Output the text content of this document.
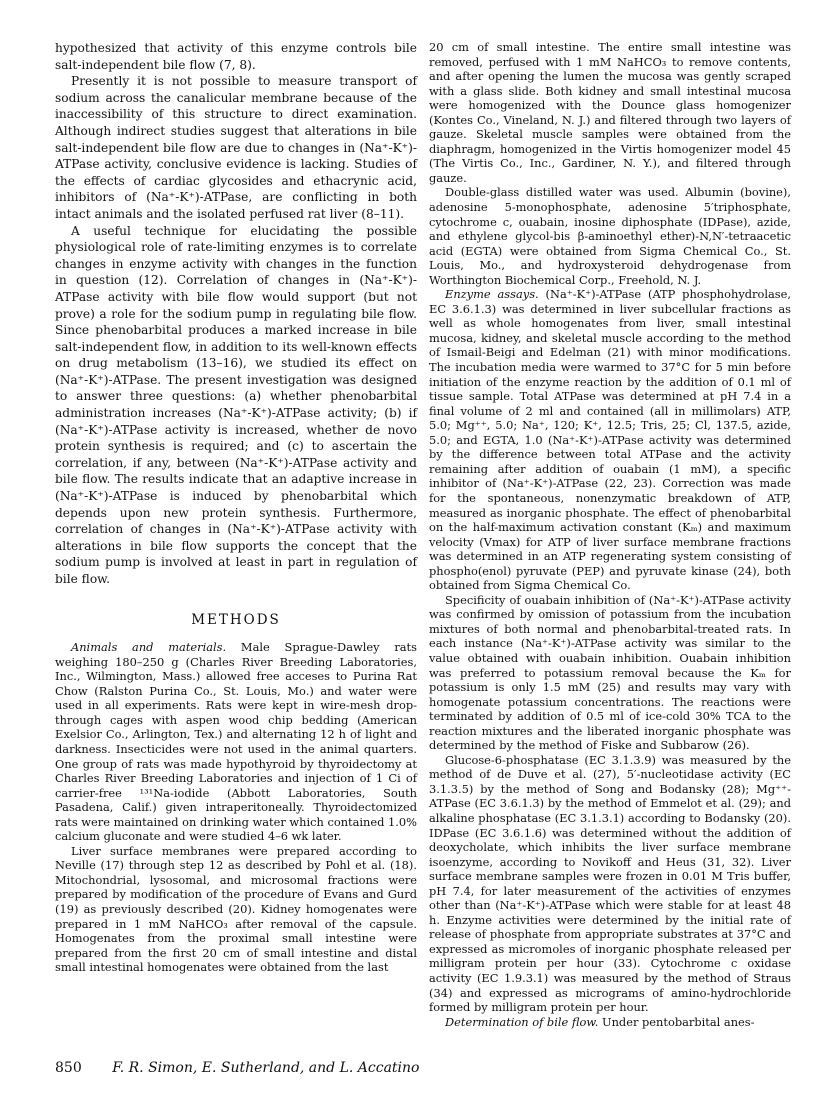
hypothesized that activity of this enzyme controls bile salt-independent bile flow (7, 8).

Presently it is not possible to measure transport of sodium across the canalicular membrane because of the inaccessibility of this structure to direct examination. Although indirect studies suggest that alterations in bile salt-independent bile flow are due to changes in (Na⁺-K⁺)-ATPase activity, conclusive evidence is lacking. Studies of the effects of cardiac glycosides and ethacrynic acid, inhibitors of (Na⁺-K⁺)-ATPase, are conflicting in both intact animals and the isolated perfused rat liver (8–11).

A useful technique for elucidating the possible physiological role of rate-limiting enzymes is to correlate changes in enzyme activity with changes in the function in question (12). Correlation of changes in (Na⁺-K⁺)-ATPase activity with bile flow would support (but not prove) a role for the sodium pump in regulating bile flow. Since phenobarbital produces a marked increase in bile salt-independent flow, in addition to its well-known effects on drug metabolism (13–16), we studied its effect on (Na⁺-K⁺)-ATPase. The present investigation was designed to answer three questions: (a) whether phenobarbital administration increases (Na⁺-K⁺)-ATPase activity; (b) if (Na⁺-K⁺)-ATPase activity is increased, whether de novo protein synthesis is required; and (c) to ascertain the correlation, if any, between (Na⁺-K⁺)-ATPase activity and bile flow. The results indicate that an adaptive increase in (Na⁺-K⁺)-ATPase is induced by phenobarbital which depends upon new protein synthesis. Furthermore, correlation of changes in (Na⁺-K⁺)-ATPase activity with alterations in bile flow supports the concept that the sodium pump is involved at least in part in regulation of bile flow.

METHODS

Animals and materials. Male Sprague-Dawley rats weighing 180–250 g (Charles River Breeding Laboratories, Inc., Wilmington, Mass.) allowed free acceses to Purina Rat Chow (Ralston Purina Co., St. Louis, Mo.) and water were used in all experiments. Rats were kept in wire-mesh drop-through cages with aspen wood chip bedding (American Exelsior Co., Arlington, Tex.) and alternating 12 h of light and darkness. Insecticides were not used in the animal quarters. One group of rats was made hypothyroid by thyroidectomy at Charles River Breeding Laboratories and injection of 1 Ci of carrier-free ¹³¹Na-iodide (Abbott Laboratories, South Pasadena, Calif.) given intraperitoneally. Thyroidectomized rats were maintained on drinking water which contained 1.0% calcium gluconate and were studied 4–6 wk later.

Liver surface membranes were prepared according to Neville (17) through step 12 as described by Pohl et al. (18). Mitochondrial, lysosomal, and microsomal fractions were prepared by modification of the procedure of Evans and Gurd (19) as previously described (20). Kidney homogenates were prepared in 1 mM NaHCO₃ after removal of the capsule. Homogenates from the proximal small intestine were prepared from the first 20 cm of small intestine and distal small intestinal homogenates were obtained from the last

20 cm of small intestine. The entire small intestine was removed, perfused with 1 mM NaHCO₃ to remove contents, and after opening the lumen the mucosa was gently scraped with a glass slide. Both kidney and small intestinal mucosa were homogenized with the Dounce glass homogenizer (Kontes Co., Vineland, N. J.) and filtered through two layers of gauze. Skeletal muscle samples were obtained from the diaphragm, homogenized in the Virtis homogenizer model 45 (The Virtis Co., Inc., Gardiner, N. Y.), and filtered through gauze.

Double-glass distilled water was used. Albumin (bovine), adenosine 5-monophosphate, adenosine 5′triphosphate, cytochrome c, ouabain, inosine diphosphate (IDPase), azide, and ethylene glycol-bis β-aminoethyl ether)-N,N′-tetraacetic acid (EGTA) were obtained from Sigma Chemical Co., St. Louis, Mo., and hydroxysteroid dehydrogenase from Worthington Biochemical Corp., Freehold, N. J.

Enzyme assays. (Na⁺-K⁺)-ATPase (ATP phosphohydrolase, EC 3.6.1.3) was determined in liver subcellular fractions as well as whole homogenates from liver, small intestinal mucosa, kidney, and skeletal muscle according to the method of Ismail-Beigi and Edelman (21) with minor modifications. The incubation media were warmed to 37°C for 5 min before initiation of the enzyme reaction by the addition of 0.1 ml of tissue sample. Total ATPase was determined at pH 7.4 in a final volume of 2 ml and contained (all in millimolars) ATP, 5.0; Mg⁺⁺, 5.0; Na⁺, 120; K⁺, 12.5; Tris, 25; Cl, 137.5, azide, 5.0; and EGTA, 1.0 (Na⁺-K⁺)-ATPase activity was determined by the difference between total ATPase and the activity remaining after addition of ouabain (1 mM), a specific inhibitor of (Na⁺-K⁺)-ATPase (22, 23). Correction was made for the spontaneous, nonenzymatic breakdown of ATP, measured as inorganic phosphate. The effect of phenobarbital on the half-maximum activation constant (Kₘ) and maximum velocity (Vmax) for ATP of liver surface membrane fractions was determined in an ATP regenerating system consisting of phospho(enol) pyruvate (PEP) and pyruvate kinase (24), both obtained from Sigma Chemical Co.

Specificity of ouabain inhibition of (Na⁺-K⁺)-ATPase activity was confirmed by omission of potassium from the incubation mixtures of both normal and phenobarbital-treated rats. In each instance (Na⁺-K⁺)-ATPase activity was similar to the value obtained with ouabain inhibition. Ouabain inhibition was preferred to potassium removal because the Kₘ for potassium is only 1.5 mM (25) and results may vary with homogenate potassium concentrations. The reactions were terminated by addition of 0.5 ml of ice-cold 30% TCA to the reaction mixtures and the liberated inorganic phosphate was determined by the method of Fiske and Subbarow (26).

Glucose-6-phosphatase (EC 3.1.3.9) was measured by the method of de Duve et al. (27), 5′-nucleotidase activity (EC 3.1.3.5) by the method of Song and Bodansky (28); Mg⁺⁺-ATPase (EC 3.6.1.3) by the method of Emmelot et al. (29); and alkaline phosphatase (EC 3.1.3.1) according to Bodansky (20). IDPase (EC 3.6.1.6) was determined without the addition of deoxycholate, which inhibits the liver surface membrane isoenzyme, according to Novikoff and Heus (31, 32). Liver surface membrane samples were frozen in 0.01 M Tris buffer, pH 7.4, for later measurement of the activities of enzymes other than (Na⁺-K⁺)-ATPase which were stable for at least 48 h. Enzyme activities were determined by the initial rate of release of phosphate from appropriate substrates at 37°C and expressed as micromoles of inorganic phosphate released per milligram protein per hour (33). Cytochrome c oxidase activity (EC 1.9.3.1) was measured by the method of Straus (34) and expressed as micrograms of amino-hydrochloride formed by milligram protein per hour.

Determination of bile flow. Under pentobarbital anes-

850 F. R. Simon, E. Sutherland, and L. Accatino
